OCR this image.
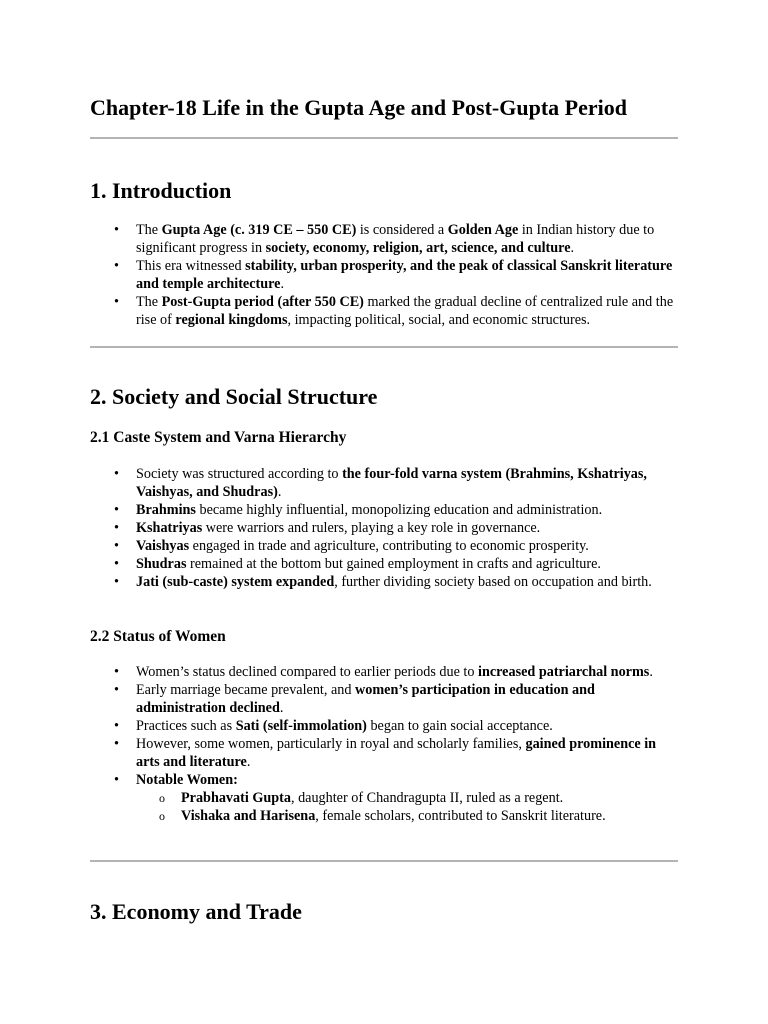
Chapter-18 Life in the Gupta Age and Post-Gupta Period
1. Introduction
• The Gupta Age (c. 319 CE – 550 CE) is considered a Golden Age in Indian history due to significant progress in society, economy, religion, art, science, and culture.
• This era witnessed stability, urban prosperity, and the peak of classical Sanskrit literature and temple architecture.
• The Post-Gupta period (after 550 CE) marked the gradual decline of centralized rule and the rise of regional kingdoms, impacting political, social, and economic structures.
2. Society and Social Structure
2.1 Caste System and Varna Hierarchy
• Society was structured according to the four-fold varna system (Brahmins, Kshatriyas, Vaishyas, and Shudras).
• Brahmins became highly influential, monopolizing education and administration.
• Kshatriyas were warriors and rulers, playing a key role in governance.
• Vaishyas engaged in trade and agriculture, contributing to economic prosperity.
• Shudras remained at the bottom but gained employment in crafts and agriculture.
• Jati (sub-caste) system expanded, further dividing society based on occupation and birth.
2.2 Status of Women
• Women’s status declined compared to earlier periods due to increased patriarchal norms.
• Early marriage became prevalent, and women’s participation in education and administration declined.
• Practices such as Sati (self-immolation) began to gain social acceptance.
• However, some women, particularly in royal and scholarly families, gained prominence in arts and literature.
• Notable Women:
o Prabhavati Gupta, daughter of Chandragupta II, ruled as a regent.
o Vishaka and Harisena, female scholars, contributed to Sanskrit literature.
3. Economy and Trade
